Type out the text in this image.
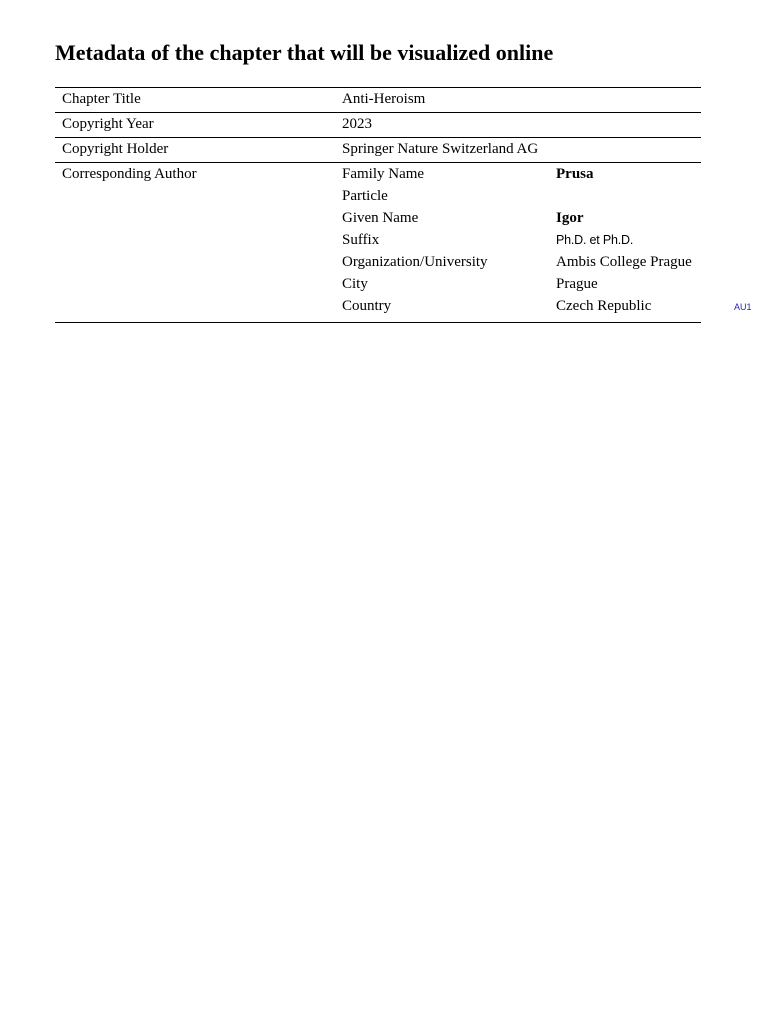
Metadata of the chapter that will be visualized online
Chapter Title	Anti-Heroism
Copyright Year	2023
Copyright Holder	Springer Nature Switzerland AG
Corresponding Author	Family Name	Prusa
Particle
Given Name	Igor
Suffix	Ph.D. et Ph.D.
Organization/University	Ambis College Prague
City	Prague
Country	Czech Republic	AU1
